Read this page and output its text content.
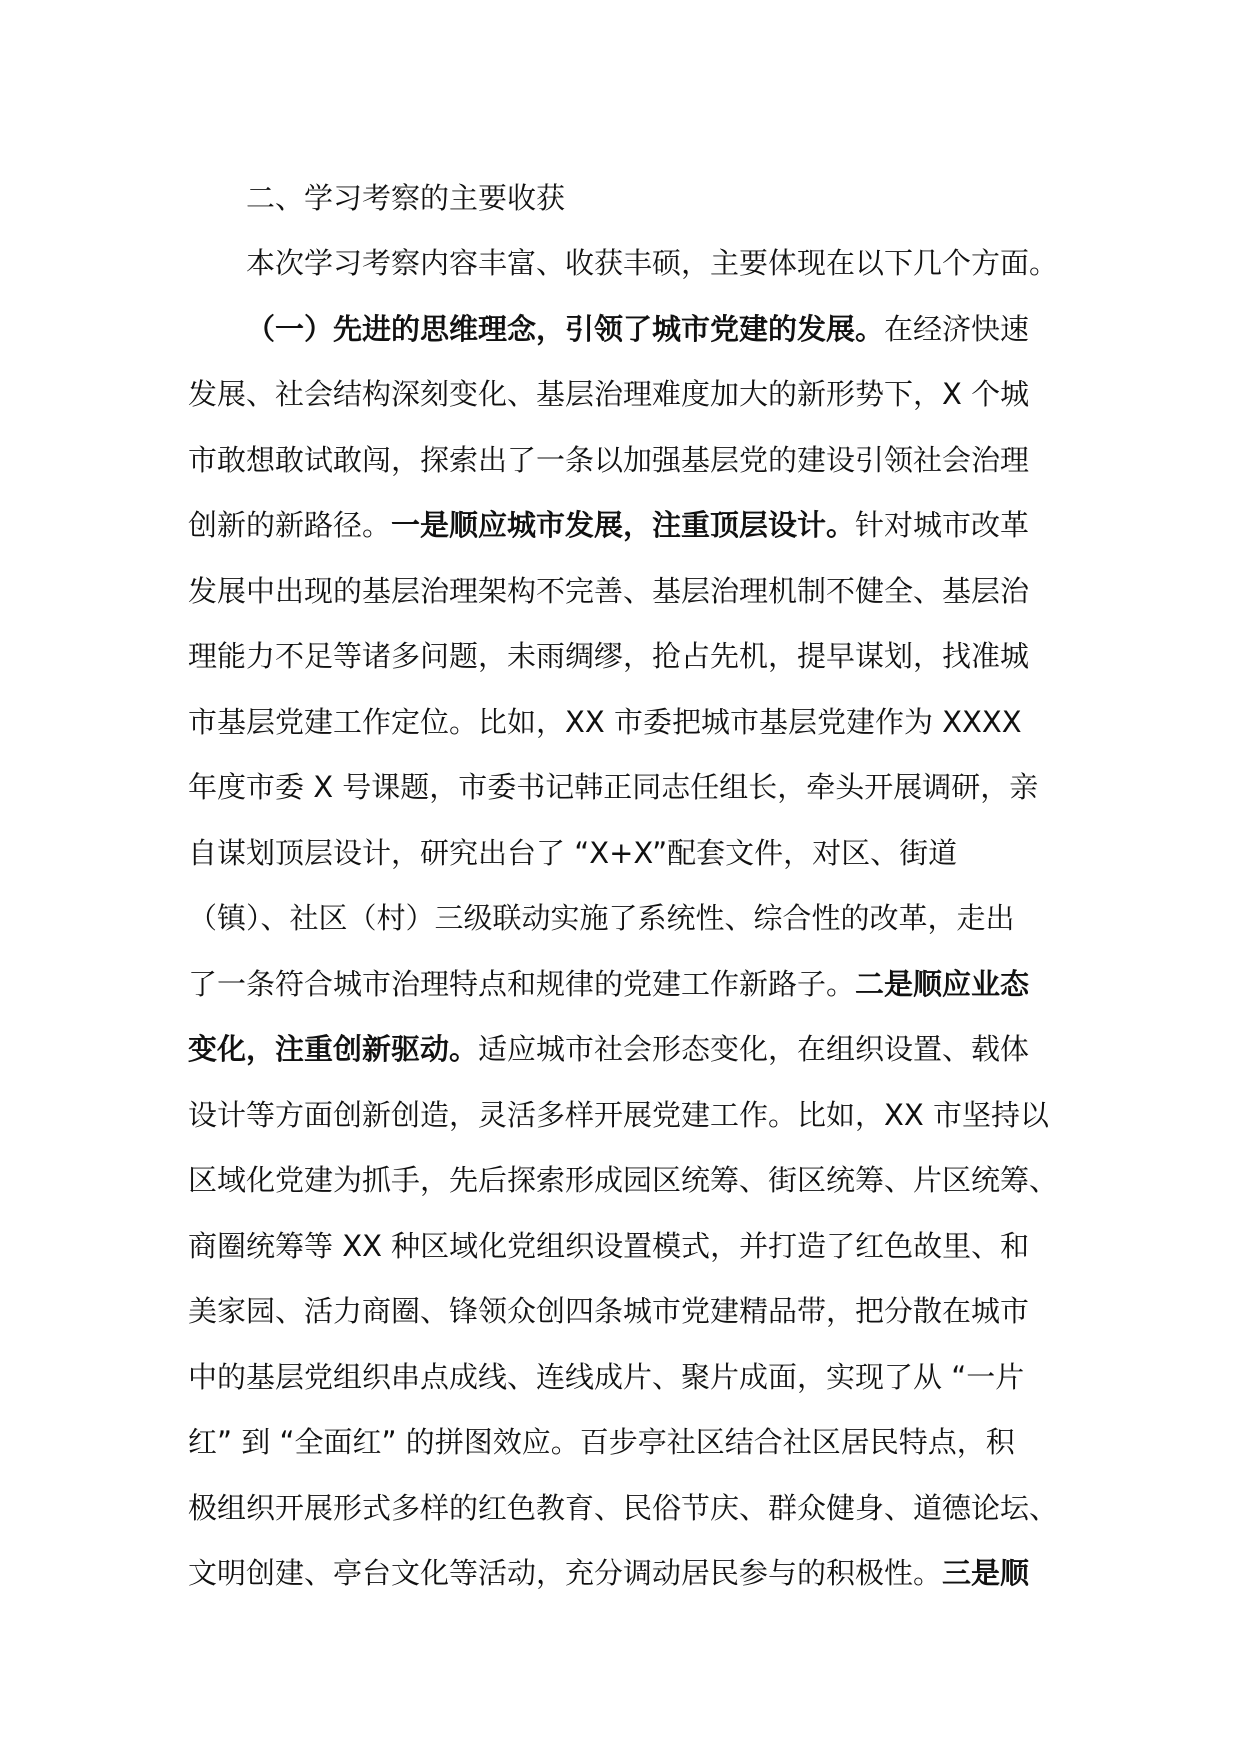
二、学习考察的主要收获
本次学习考察内容丰富、收获丰硕，主要体现在以下几个方面。
（一）先进的思维理念，引领了城市党建的发展。在经济快速
发展、社会结构深刻变化、基层治理难度加大的新形势下，X 个城
市敢想敢试敢闯，探索出了一条以加强基层党的建设引领社会治理
创新的新路径。一是顺应城市发展，注重顶层设计。针对城市改革
发展中出现的基层治理架构不完善、基层治理机制不健全、基层治
理能力不足等诸多问题，未雨绸缪，抢占先机，提早谋划，找准城
市基层党建工作定位。比如，XX 市委把城市基层党建作为 XXXX
年度市委 X 号课题，市委书记韩正同志任组长，牵头开展调研，亲
自谋划顶层设计，研究出台了 “X+X”配套文件，对区、街道
（镇）、社区（村）三级联动实施了系统性、综合性的改革，走出
了一条符合城市治理特点和规律的党建工作新路子。二是顺应业态
变化，注重创新驱动。适应城市社会形态变化，在组织设置、载体
设计等方面创新创造，灵活多样开展党建工作。比如，XX 市坚持以
区域化党建为抓手，先后探索形成园区统筹、街区统筹、片区统筹、
商圈统筹等 XX 种区域化党组织设置模式，并打造了红色故里、和
美家园、活力商圈、锋领众创四条城市党建精品带，把分散在城市
中的基层党组织串点成线、连线成片、聚片成面，实现了从 “一片
红” 到 “全面红” 的拼图效应。百步亭社区结合社区居民特点，积
极组织开展形式多样的红色教育、民俗节庆、群众健身、道德论坛、
文明创建、亭台文化等活动，充分调动居民参与的积极性。三是顺
